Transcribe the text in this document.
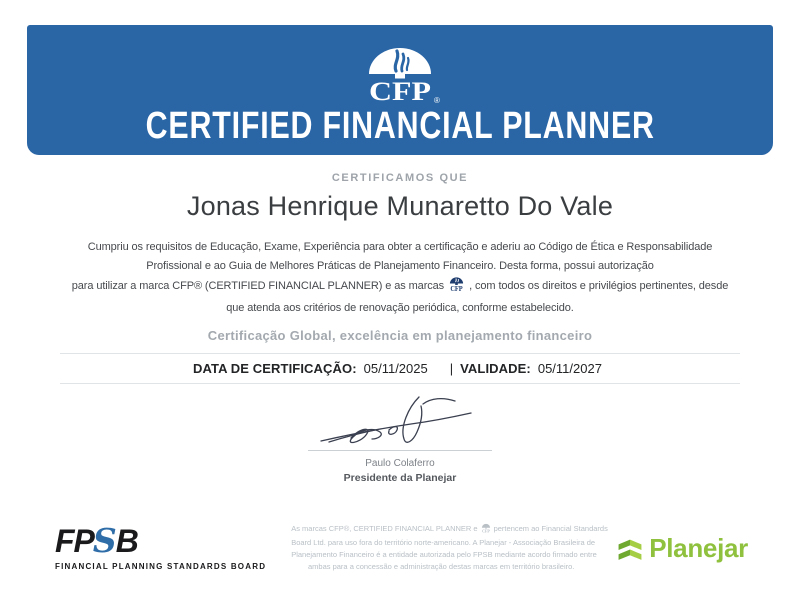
CFP ®
CERTIFIED FINANCIAL PLANNER
CERTIFICAMOS QUE
Jonas Henrique Munaretto Do Vale
Cumpriu os requisitos de Educação, Exame, Experiência para obter a certificação e aderiu ao Código de Ética e Responsabilidade
Profissional e ao Guia de Melhores Práticas de Planejamento Financeiro. Desta forma, possui autorização
para utilizar a marca CFP® (CERTIFIED FINANCIAL PLANNER) e as marcas CFP , com todos os direitos e privilégios pertinentes, desde
que atenda aos critérios de renovação periódica, conforme estabelecido.
Certificação Global, excelência em planejamento financeiro
DATA DE CERTIFICAÇÃO: 05/11/2025 | VALIDADE: 05/11/2027
Paulo Colaferro
Presidente da Planejar
FP S B
FINANCIAL PLANNING STANDARDS BOARD
As marcas CFP®, CERTIFIED FINANCIAL PLANNER e CFP pertencem ao Financial Standards
Board Ltd. para uso fora do território norte-americano. A Planejar - Associação Brasileira de
Planejamento Financeiro é a entidade autorizada pelo FPSB mediante acordo firmado entre
ambas para a concessão e administração destas marcas em território brasileiro.
Planejar
